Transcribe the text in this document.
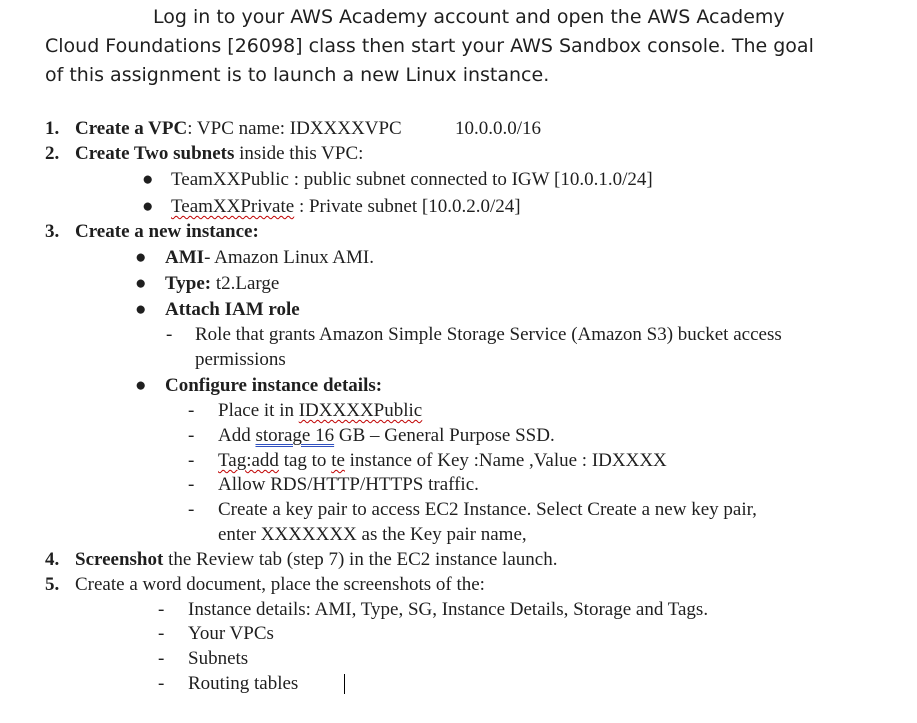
Log in to your AWS Academy account and open the AWS Academy
Cloud Foundations [26098] class then start your AWS Sandbox console. The goal
of this assignment is to launch a new Linux instance.
1. Create a VPC: VPC name: IDXXXXVPC	10.0.0.0/16
2. Create Two subnets inside this VPC:
● TeamXXPublic : public subnet connected to IGW [10.0.1.0/24]
● TeamXXPrivate : Private subnet [10.0.2.0/24]
3. Create a new instance:
● AMI- Amazon Linux AMI.
● Type: t2.Large
● Attach IAM role
- Role that grants Amazon Simple Storage Service (Amazon S3) bucket access
permissions
● Configure instance details:
- Place it in IDXXXXPublic
- Add storage 16 GB – General Purpose SSD.
- Tag:add tag to te instance of Key :Name ,Value : IDXXXX
- Allow RDS/HTTP/HTTPS traffic.
- Create a key pair to access EC2 Instance. Select Create a new key pair,
enter XXXXXXX as the Key pair name,
4. Screenshot the Review tab (step 7) in the EC2 instance launch.
5. Create a word document, place the screenshots of the:
- Instance details: AMI, Type, SG, Instance Details, Storage and Tags.
- Your VPCs
- Subnets
- Routing tables
